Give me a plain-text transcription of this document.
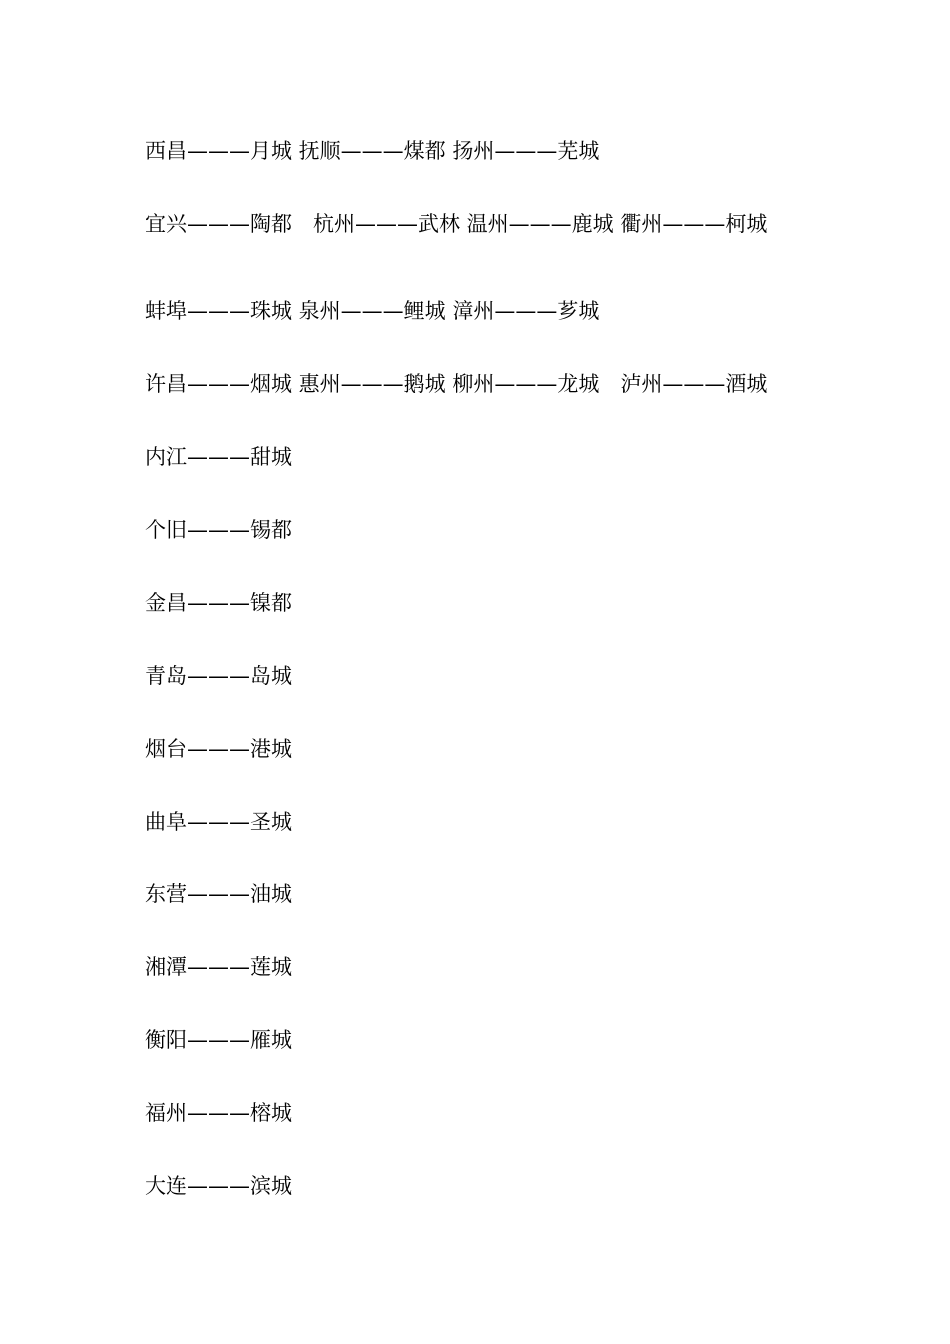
西昌———月城 抚顺———煤都 扬州———芜城
宜兴———陶都　杭州———武林 温州———鹿城 衢州———柯城
蚌埠———珠城 泉州———鲤城 漳州———芗城
许昌———烟城 惠州———鹅城 柳州———龙城　泸州———酒城
内江———甜城
个旧———锡都
金昌———镍都
青岛———岛城
烟台———港城
曲阜———圣城
东营———油城
湘潭———莲城
衡阳———雁城
福州———榕城
大连———滨城
